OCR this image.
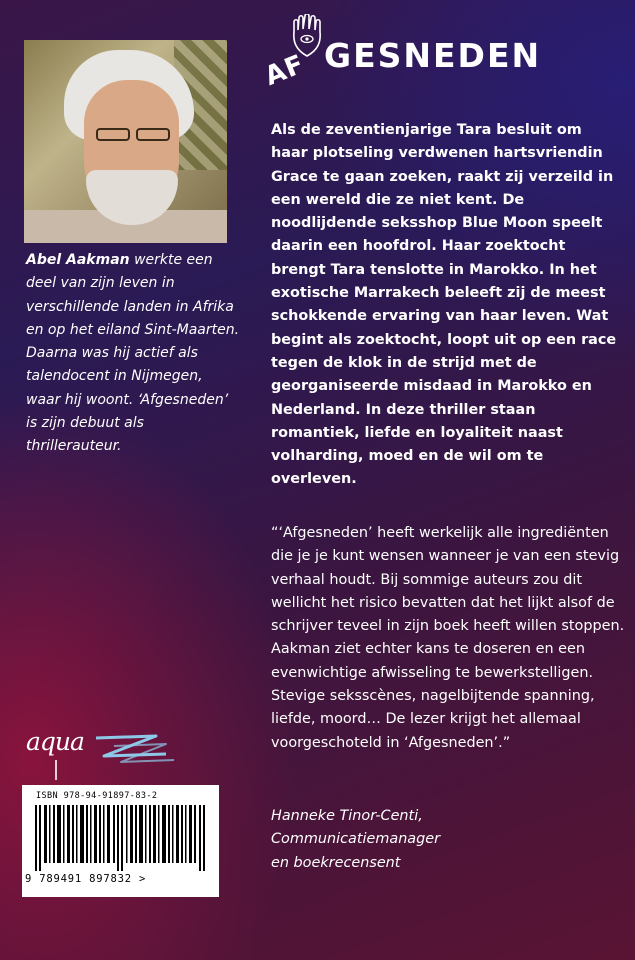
Abel Aakman werkte een deel van zijn leven in verschillende landen in Afrika en op het eiland Sint-Maarten. Daarna was hij actief als talendocent in Nijmegen, waar hij woont. ‘Afgesneden’ is zijn debuut als thrillerauteur.
AF GESNEDEN

Als de zeventienjarige Tara besluit om haar plotseling verdwenen hartsvriendin Grace te gaan zoeken, raakt zij verzeild in een wereld die ze niet kent. De noodlijdende seksshop Blue Moon speelt daarin een hoofdrol. Haar zoektocht brengt Tara tenslotte in Marokko. In het exotische Marrakech beleeft zij de meest schokkende ervaring van haar leven. Wat begint als zoektocht, loopt uit op een race tegen de klok in de strijd met de georganiseerde misdaad in Marokko en Nederland. In deze thriller staan romantiek, liefde en loyaliteit naast volharding, moed en de wil om te overleven.

“‘Afgesneden’ heeft werkelijk alle ingrediënten die je je kunt wensen wanneer je van een stevig verhaal houdt. Bij sommige auteurs zou dit wellicht het risico bevatten dat het lijkt alsof de schrijver teveel in zijn boek heeft willen stoppen. Aakman ziet echter kans te doseren en een evenwichtige afwisseling te bewerkstelligen. Stevige seksscènes, nagelbijtende spanning, liefde, moord… De lezer krijgt het allemaal voorgeschoteld in ‘Afgesneden’.”

Hanneke Tinor-Centi,
Communicatiemanager
en boekrecensent
aqua
ISBN 978-94-91897-83-2
9 789491 897832 >
